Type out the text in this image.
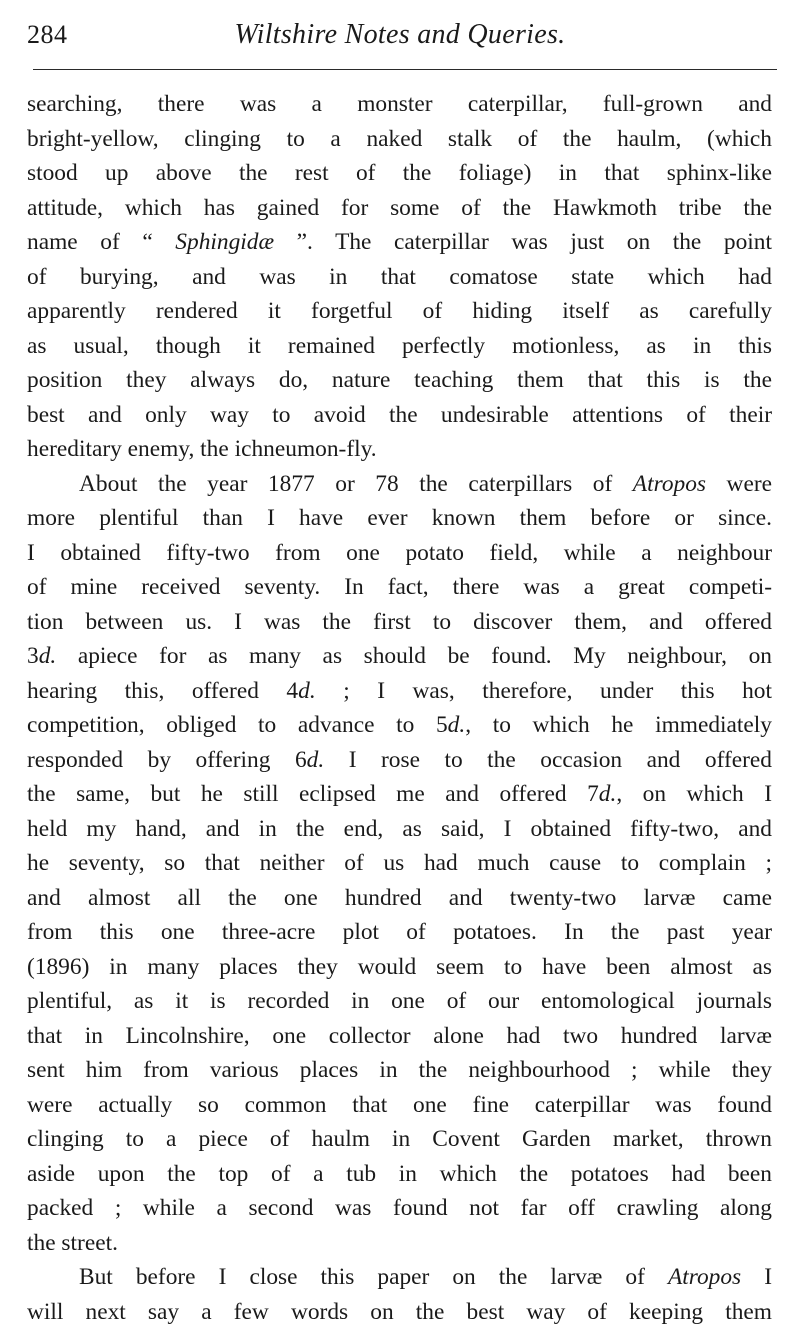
284	Wiltshire Notes and Queries.
searching, there was a monster caterpillar, full-grown and
bright-yellow, clinging to a naked stalk of the haulm, (which
stood up above the rest of the foliage) in that sphinx-like
attitude, which has gained for some of the Hawkmoth tribe the
name of “ Sphingidæ ”. The caterpillar was just on the point
of burying, and was in that comatose state which had
apparently rendered it forgetful of hiding itself as carefully
as usual, though it remained perfectly motionless, as in this
position they always do, nature teaching them that this is the
best and only way to avoid the undesirable attentions of their
hereditary enemy, the ichneumon-fly.
About the year 1877 or 78 the caterpillars of Atropos were
more plentiful than I have ever known them before or since.
I obtained fifty-two from one potato field, while a neighbour
of mine received seventy. In fact, there was a great competi-
tion between us. I was the first to discover them, and offered
3d. apiece for as many as should be found. My neighbour, on
hearing this, offered 4d. ; I was, therefore, under this hot
competition, obliged to advance to 5d., to which he immediately
responded by offering 6d. I rose to the occasion and offered
the same, but he still eclipsed me and offered 7d., on which I
held my hand, and in the end, as said, I obtained fifty-two, and
he seventy, so that neither of us had much cause to complain ;
and almost all the one hundred and twenty-two larvæ came
from this one three-acre plot of potatoes. In the past year
(1896) in many places they would seem to have been almost as
plentiful, as it is recorded in one of our entomological journals
that in Lincolnshire, one collector alone had two hundred larvæ
sent him from various places in the neighbourhood ; while they
were actually so common that one fine caterpillar was found
clinging to a piece of haulm in Covent Garden market, thrown
aside upon the top of a tub in which the potatoes had been
packed ; while a second was found not far off crawling along
the street.
But before I close this paper on the larvæ of Atropos I
will next say a few words on the best way of keeping them
